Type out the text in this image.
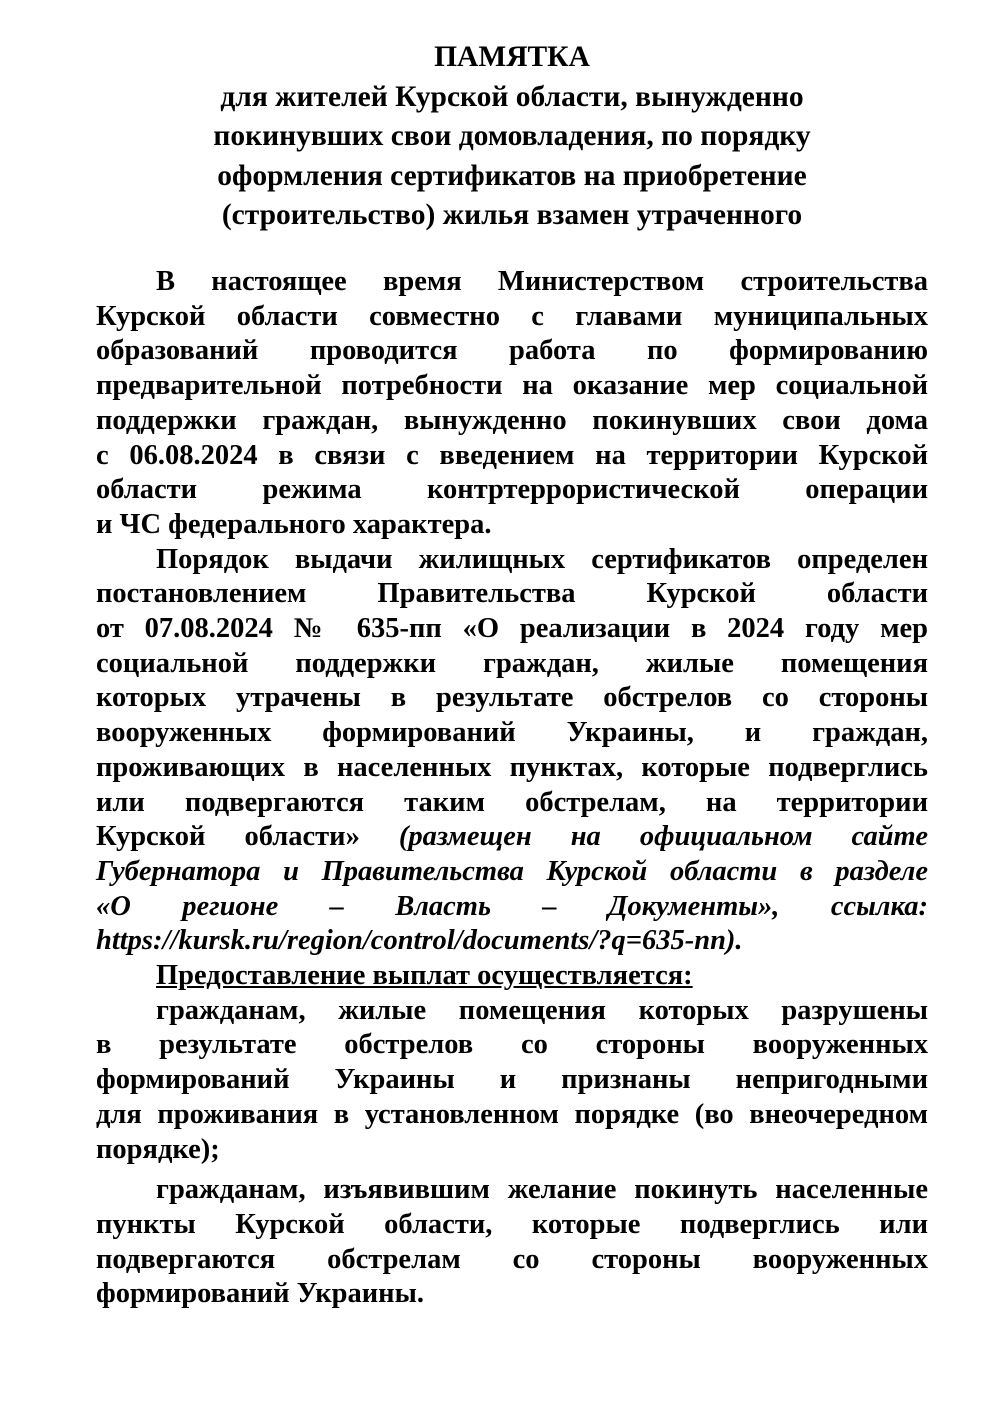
ПАМЯТКА
для жителей Курской области, вынужденно
покинувших свои домовладения, по порядку
оформления сертификатов на приобретение
(строительство) жилья взамен утраченного
В настоящее время Министерством строительства
Курской области совместно с главами муниципальных
образований проводится работа по формированию
предварительной потребности на оказание мер социальной
поддержки граждан, вынужденно покинувших свои дома
с 06.08.2024 в связи с введением на территории Курской
области режима контртеррористической операции
и ЧС федерального характера.
Порядок выдачи жилищных сертификатов определен
постановлением Правительства Курской области
от 07.08.2024 № 635-пп «О реализации в 2024 году мер
социальной поддержки граждан, жилые помещения
которых утрачены в результате обстрелов со стороны
вооруженных формирований Украины, и граждан,
проживающих в населенных пунктах, которые подверглись
или подвергаются таким обстрелам, на территории
Курской области» (размещен на официальном сайте
Губернатора и Правительства Курской области в разделе
«О регионе – Власть – Документы», ссылка:
https://kursk.ru/region/control/documents/?q=635-пп).
Предоставление выплат осуществляется:
гражданам, жилые помещения которых разрушены
в результате обстрелов со стороны вооруженных
формирований Украины и признаны непригодными
для проживания в установленном порядке (во внеочередном
порядке);
гражданам, изъявившим желание покинуть населенные
пункты Курской области, которые подверглись или
подвергаются обстрелам со стороны вооруженных
формирований Украины.
